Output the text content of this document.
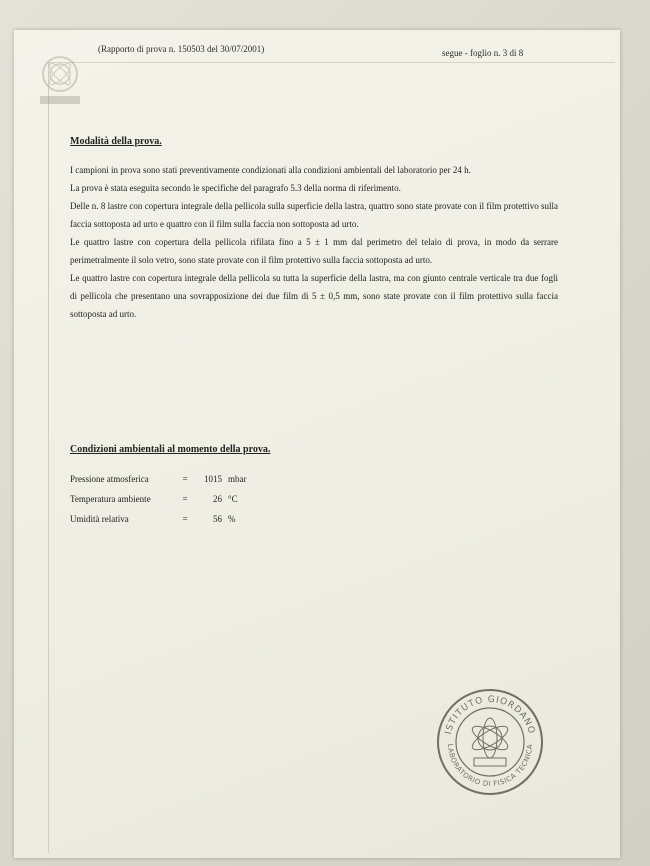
(Rapporto di prova n. 150503 del 30/07/2001)	segue - foglio n. 3 di 8

Modalità della prova.

I campioni in prova sono stati preventivamente condizionati alla condizioni ambientali del laboratorio per 24 h.

La prova è stata eseguita secondo le specifiche del paragrafo 5.3 della norma di riferimento.

Delle n. 8 lastre con copertura integrale della pellicola sulla superficie della lastra, quattro sono state provate con il film protettivo sulla faccia sottoposta ad urto e quattro con il film sulla faccia non sottoposta ad urto.

Le quattro lastre con copertura della pellicola rifilata fino a 5 ± 1 mm dal perimetro del telaio di prova, in modo da serrare perimetralmente il solo vetro, sono state provate con il film protettivo sulla faccia sottoposta ad urto.

Le quattro lastre con copertura integrale della pellicola su tutta la superficie della lastra, ma con giunto centrale verticale tra due fogli di pellicola che presentano una sovrapposizione dei due film di 5 ± 0,5 mm, sono state provate con il film protettivo sulla faccia sottoposta ad urto.

Condizioni ambientali al momento della prova.

Pressione atmosferica	=	1015 mbar
Temperatura ambiente	=	26 °C
Umidità relativa	=	56 %
ISTITUTO GIORDANO
LABORATORIO DI FISICA TECNICA
